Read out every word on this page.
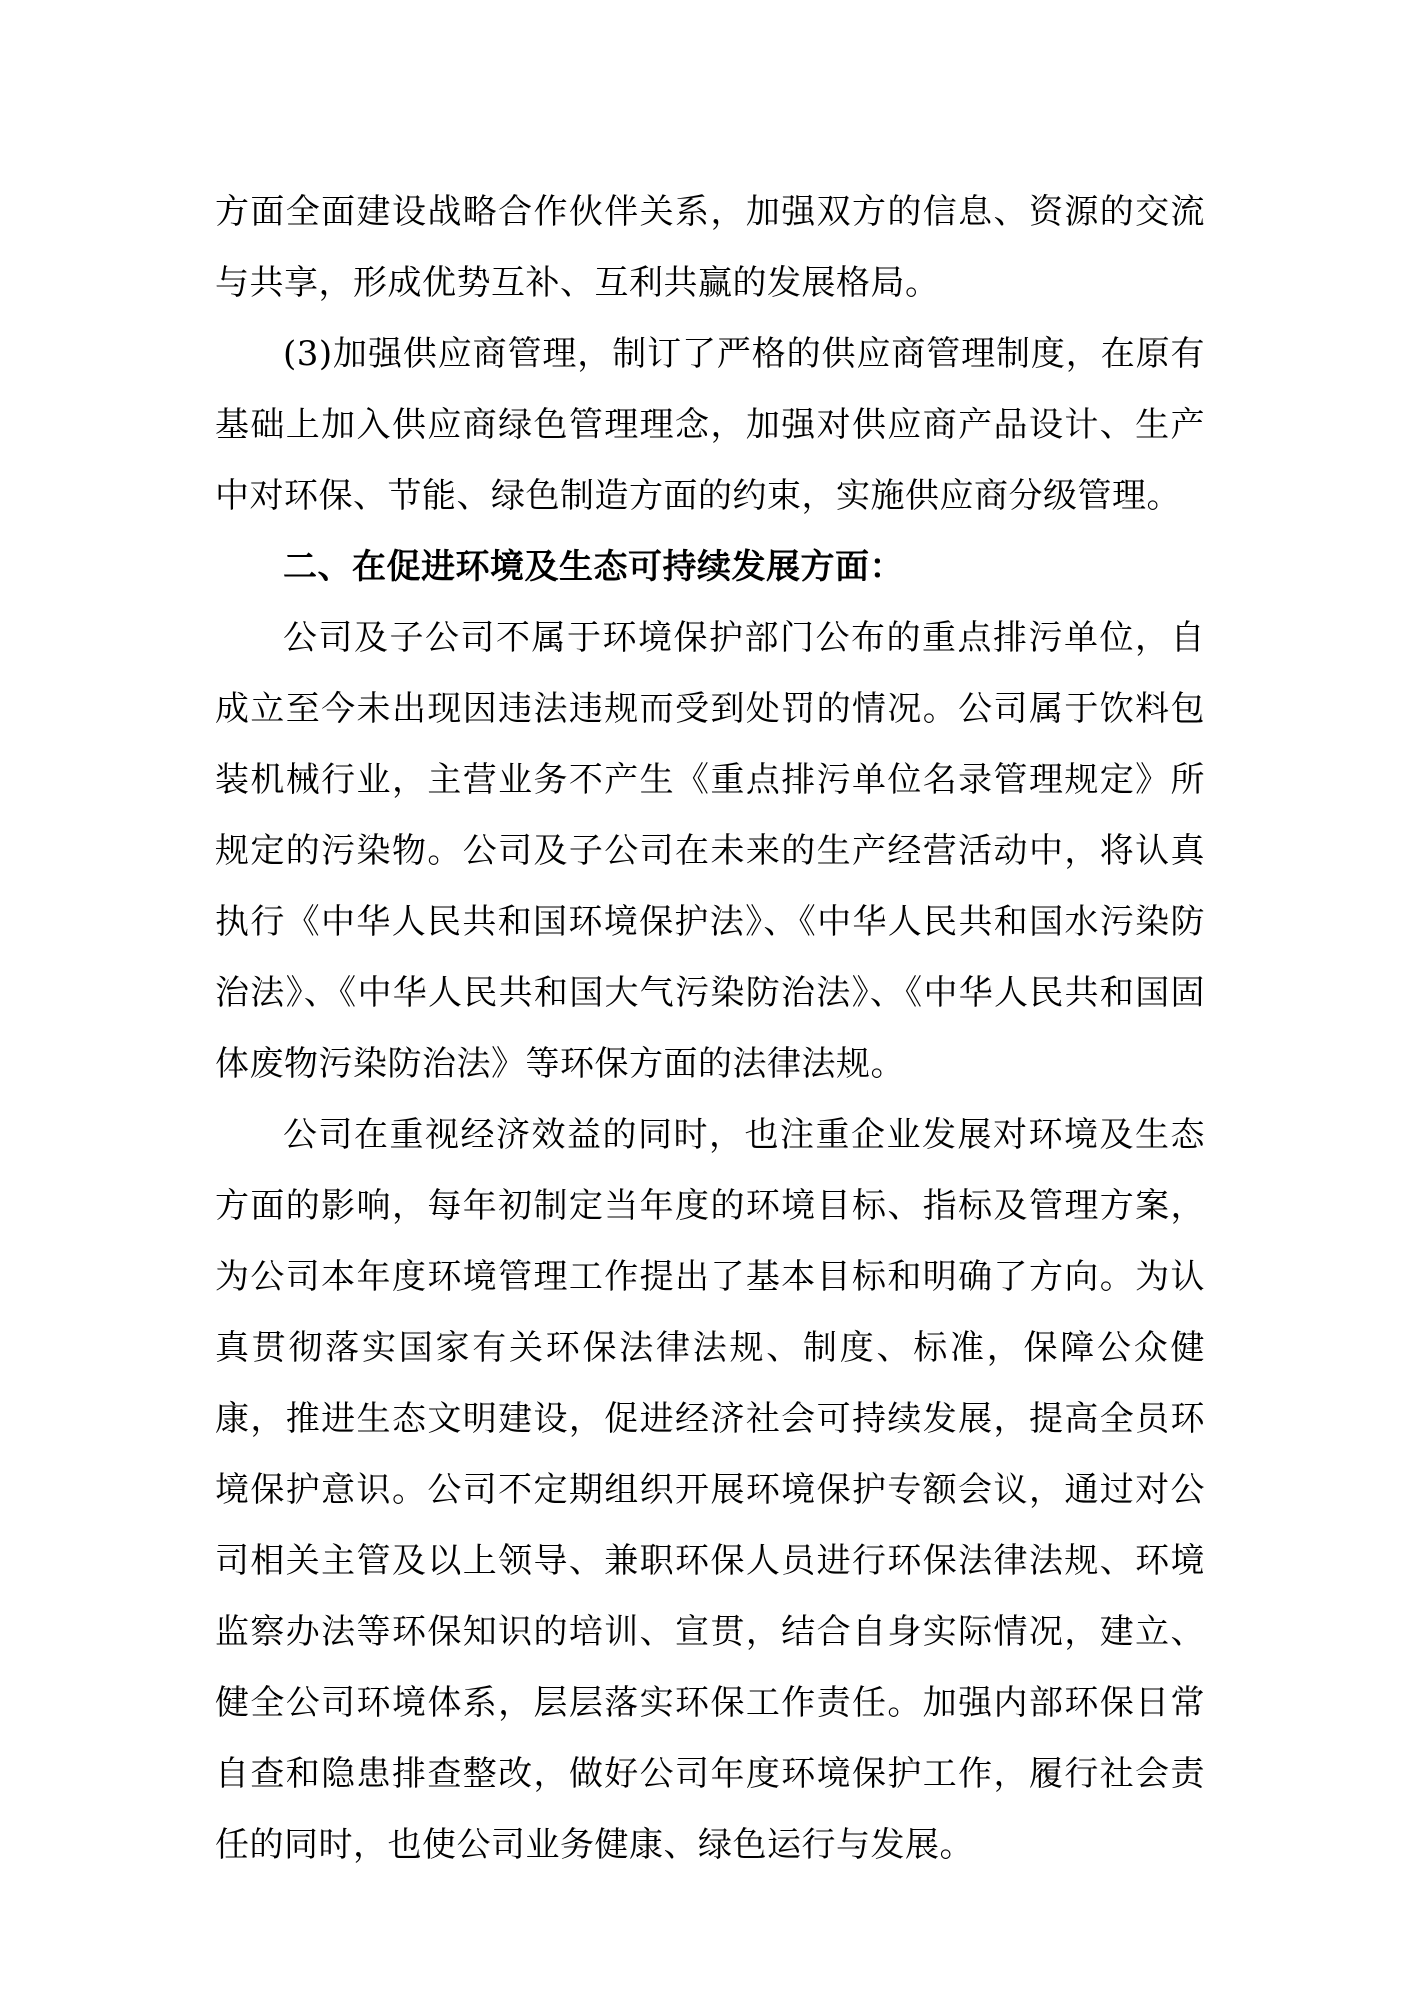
方面全面建设战略合作伙伴关系，加强双方的信息、资源的交流与共享，形成优势互补、互利共赢的发展格局。

(3)加强供应商管理，制订了严格的供应商管理制度，在原有基础上加入供应商绿色管理理念，加强对供应商产品设计、生产中对环保、节能、绿色制造方面的约束，实施供应商分级管理。

二、在促进环境及生态可持续发展方面：

公司及子公司不属于环境保护部门公布的重点排污单位，自成立至今未出现因违法违规而受到处罚的情况。公司属于饮料包装机械行业，主营业务不产生《重点排污单位名录管理规定》所规定的污染物。公司及子公司在未来的生产经营活动中，将认真执行《中华人民共和国环境保护法》、《中华人民共和国水污染防治法》、《中华人民共和国大气污染防治法》、《中华人民共和国固体废物污染防治法》等环保方面的法律法规。

公司在重视经济效益的同时，也注重企业发展对环境及生态方面的影响，每年初制定当年度的环境目标、指标及管理方案，为公司本年度环境管理工作提出了基本目标和明确了方向。为认真贯彻落实国家有关环保法律法规、制度、标准，保障公众健康，推进生态文明建设，促进经济社会可持续发展，提高全员环境保护意识。公司不定期组织开展环境保护专额会议，通过对公司相关主管及以上领导、兼职环保人员进行环保法律法规、环境监察办法等环保知识的培训、宣贯，结合自身实际情况，建立、健全公司环境体系，层层落实环保工作责任。加强内部环保日常自查和隐患排查整改，做好公司年度环境保护工作，履行社会责任的同时，也使公司业务健康、绿色运行与发展。
